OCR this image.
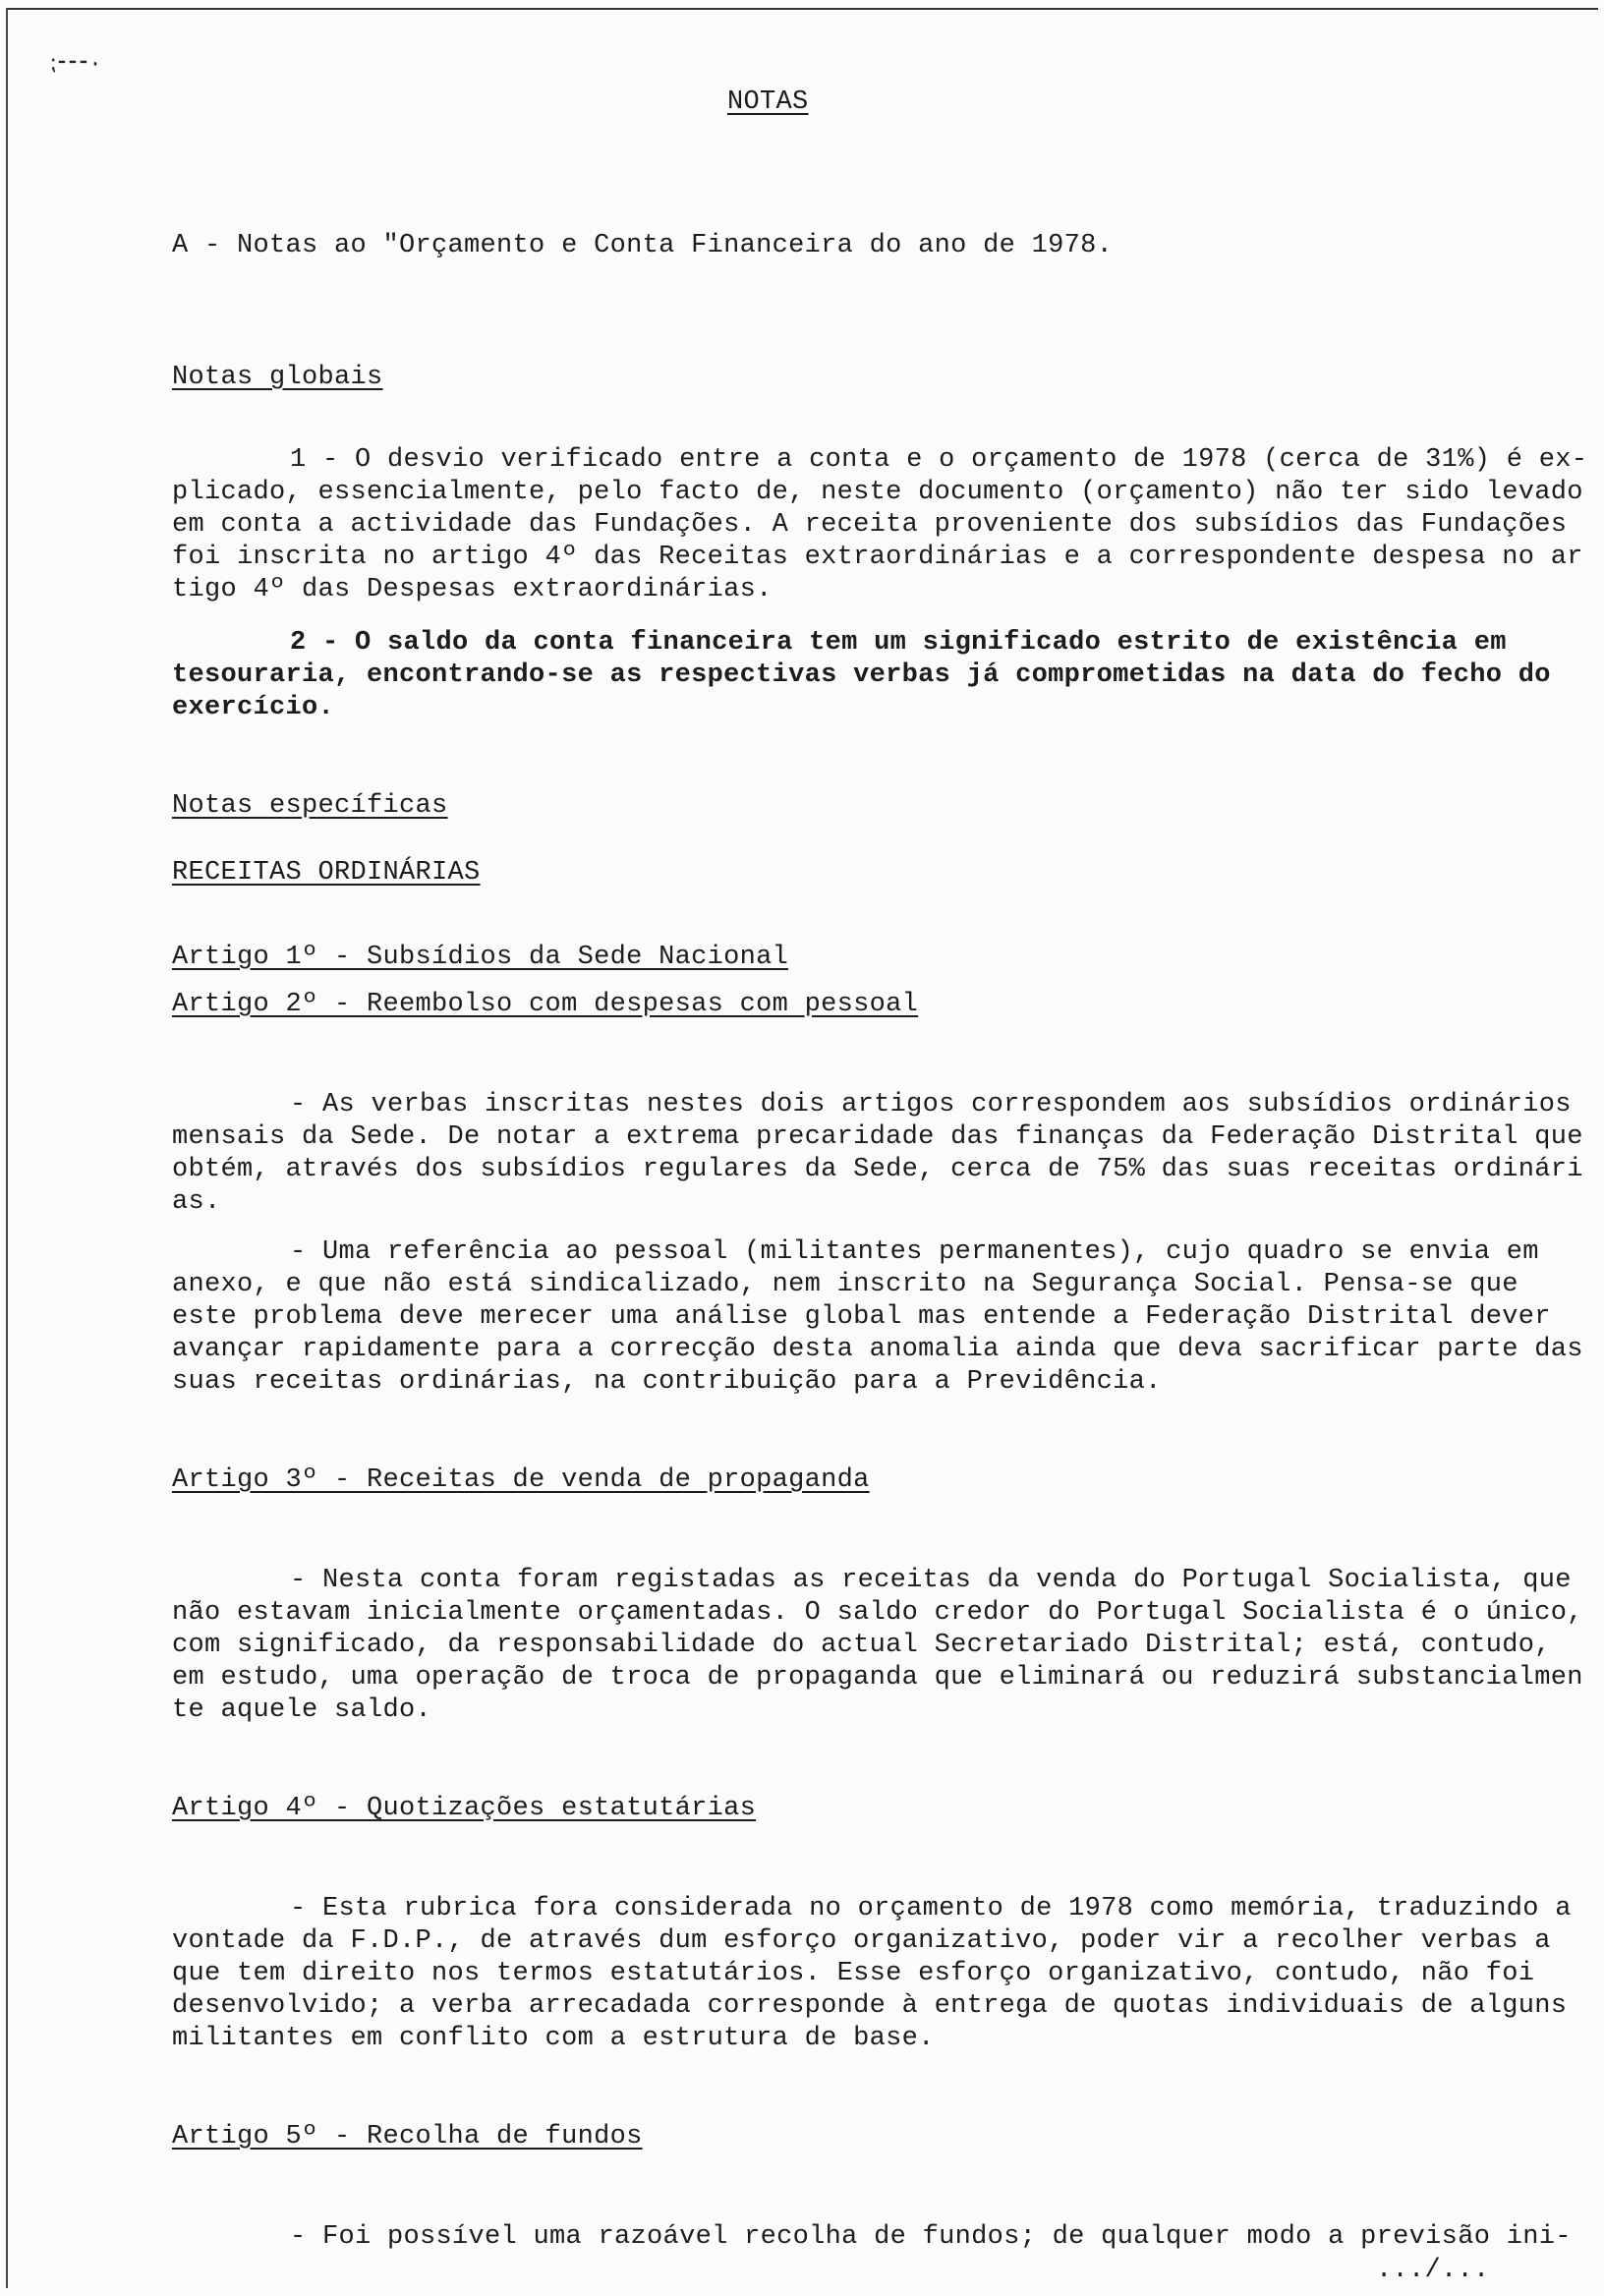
⁏⁃⁃⁃·
NOTAS
A - Notas ao "Orçamento e Conta Financeira do ano de 1978.
Notas globais
1 - O desvio verificado entre a conta e o orçamento de 1978 (cerca de 31%) é ex-
plicado, essencialmente, pelo facto de, neste documento (orçamento) não ter sido levado
em conta a actividade das Fundações. A receita proveniente dos subsídios das Fundações
foi inscrita no artigo 4º das Receitas extraordinárias e a correspondente despesa no ar
tigo 4º das Despesas extraordinárias.
2 - O saldo da conta financeira tem um significado estrito de existência em
tesouraria, encontrando-se as respectivas verbas já comprometidas na data do fecho do
exercício.
Notas específicas
RECEITAS ORDINÁRIAS
Artigo 1º - Subsídios da Sede Nacional
Artigo 2º - Reembolso com despesas com pessoal
- As verbas inscritas nestes dois artigos correspondem aos subsídios ordinários
mensais da Sede. De notar a extrema precaridade das finanças da Federação Distrital que
obtém, através dos subsídios regulares da Sede, cerca de 75% das suas receitas ordinári
as.
- Uma referência ao pessoal (militantes permanentes), cujo quadro se envia em
anexo, e que não está sindicalizado, nem inscrito na Segurança Social. Pensa-se que
este problema deve merecer uma análise global mas entende a Federação Distrital dever
avançar rapidamente para a correcção desta anomalia ainda que deva sacrificar parte das
suas receitas ordinárias, na contribuição para a Previdência.
Artigo 3º - Receitas de venda de propaganda
- Nesta conta foram registadas as receitas da venda do Portugal Socialista, que
não estavam inicialmente orçamentadas. O saldo credor do Portugal Socialista é o único,
com significado, da responsabilidade do actual Secretariado Distrital; está, contudo,
em estudo, uma operação de troca de propaganda que eliminará ou reduzirá substancialmen
te aquele saldo.
Artigo 4º - Quotizações estatutárias
- Esta rubrica fora considerada no orçamento de 1978 como memória, traduzindo a
vontade da F.D.P., de através dum esforço organizativo, poder vir a recolher verbas a
que tem direito nos termos estatutários. Esse esforço organizativo, contudo, não foi
desenvolvido; a verba arrecadada corresponde à entrega de quotas individuais de alguns
militantes em conflito com a estrutura de base.
Artigo 5º - Recolha de fundos
- Foi possível uma razoável recolha de fundos; de qualquer modo a previsão ini-
.../...
